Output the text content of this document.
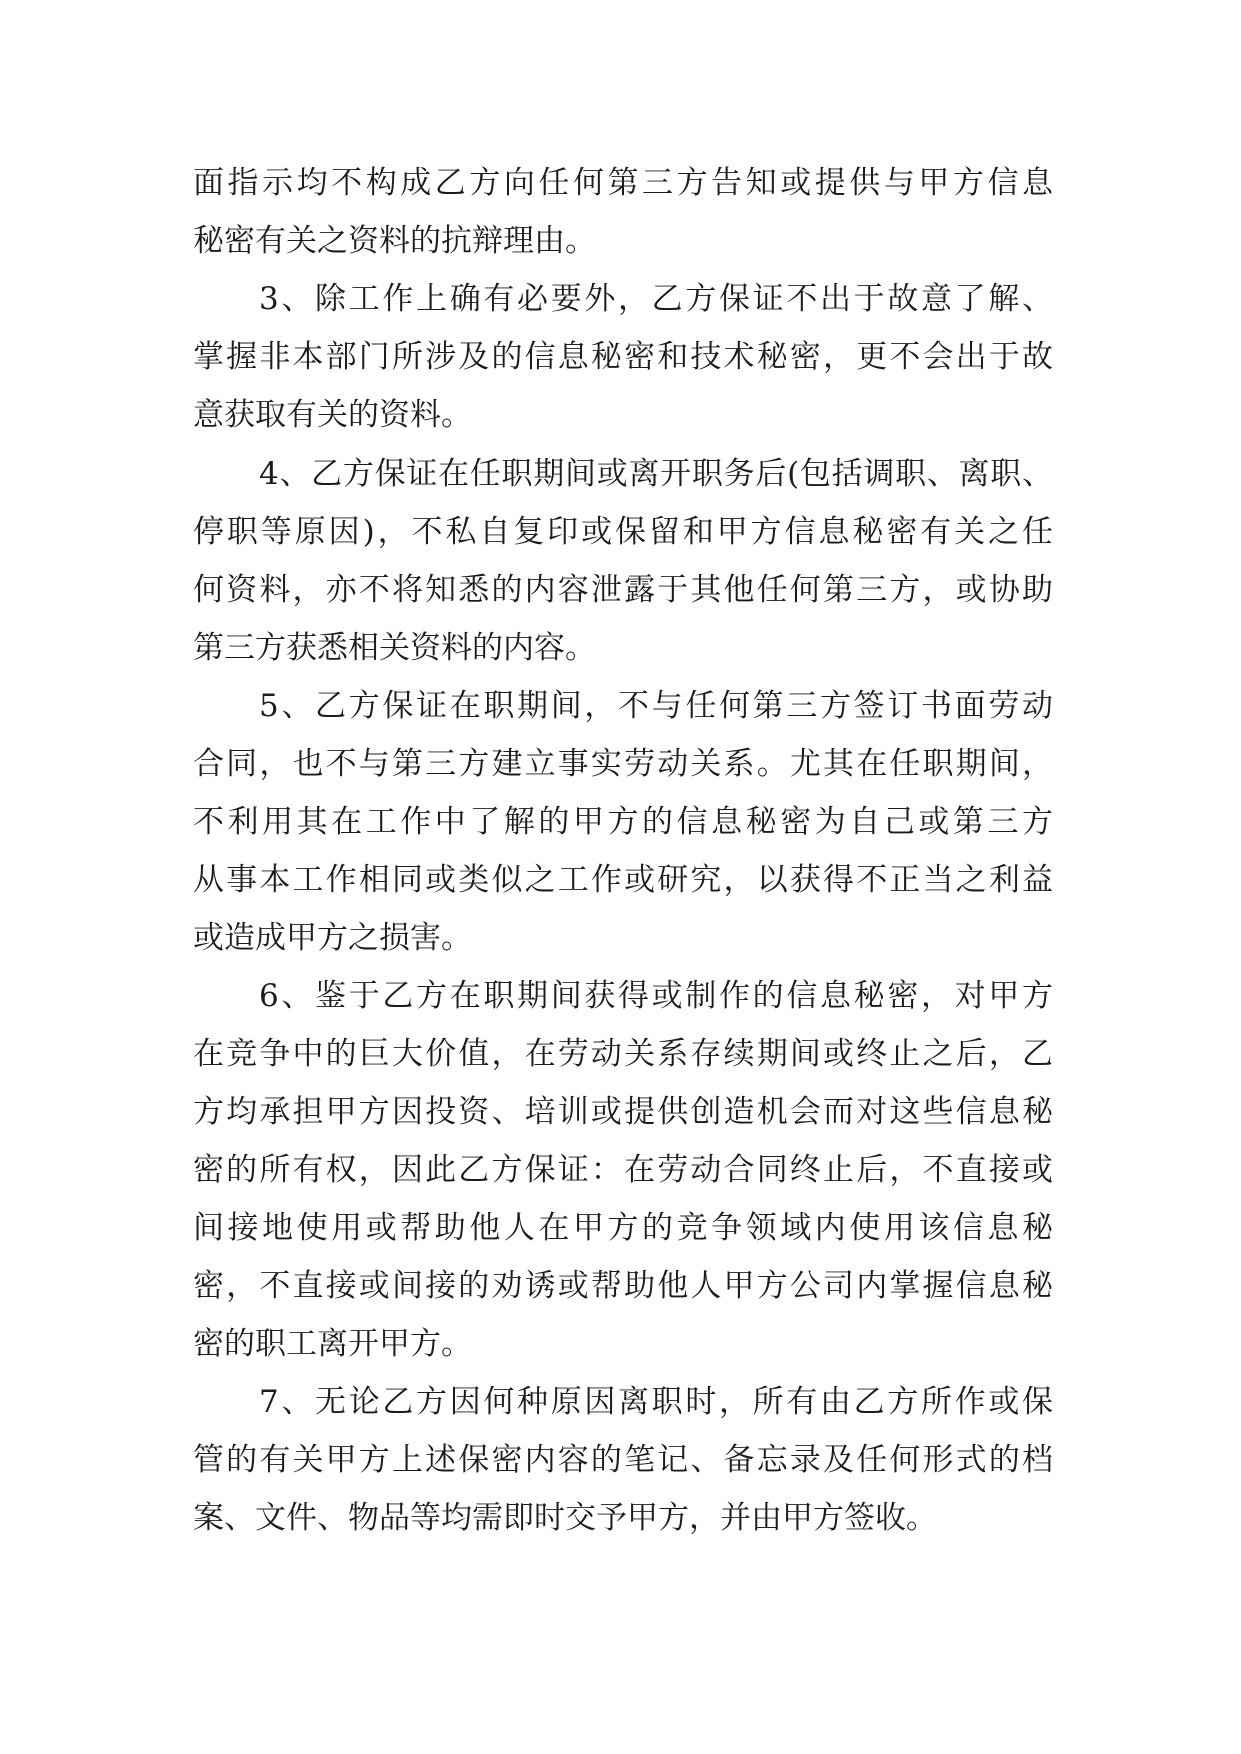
面指示均不构成乙方向任何第三方告知或提供与甲方信息
秘密有关之资料的抗辩理由。
3、除工作上确有必要外，乙方保证不出于故意了解、
掌握非本部门所涉及的信息秘密和技术秘密，更不会出于故
意获取有关的资料。
4、乙方保证在任职期间或离开职务后(包括调职、离职、
停职等原因)，不私自复印或保留和甲方信息秘密有关之任
何资料，亦不将知悉的内容泄露于其他任何第三方，或协助
第三方获悉相关资料的内容。
5、乙方保证在职期间，不与任何第三方签订书面劳动
合同，也不与第三方建立事实劳动关系。尤其在任职期间，
不利用其在工作中了解的甲方的信息秘密为自己或第三方
从事本工作相同或类似之工作或研究，以获得不正当之利益
或造成甲方之损害。
6、鉴于乙方在职期间获得或制作的信息秘密，对甲方
在竞争中的巨大价值，在劳动关系存续期间或终止之后，乙
方均承担甲方因投资、培训或提供创造机会而对这些信息秘
密的所有权，因此乙方保证：在劳动合同终止后，不直接或
间接地使用或帮助他人在甲方的竞争领域内使用该信息秘
密，不直接或间接的劝诱或帮助他人甲方公司内掌握信息秘
密的职工离开甲方。
7、无论乙方因何种原因离职时，所有由乙方所作或保
管的有关甲方上述保密内容的笔记、备忘录及任何形式的档
案、文件、物品等均需即时交予甲方，并由甲方签收。
